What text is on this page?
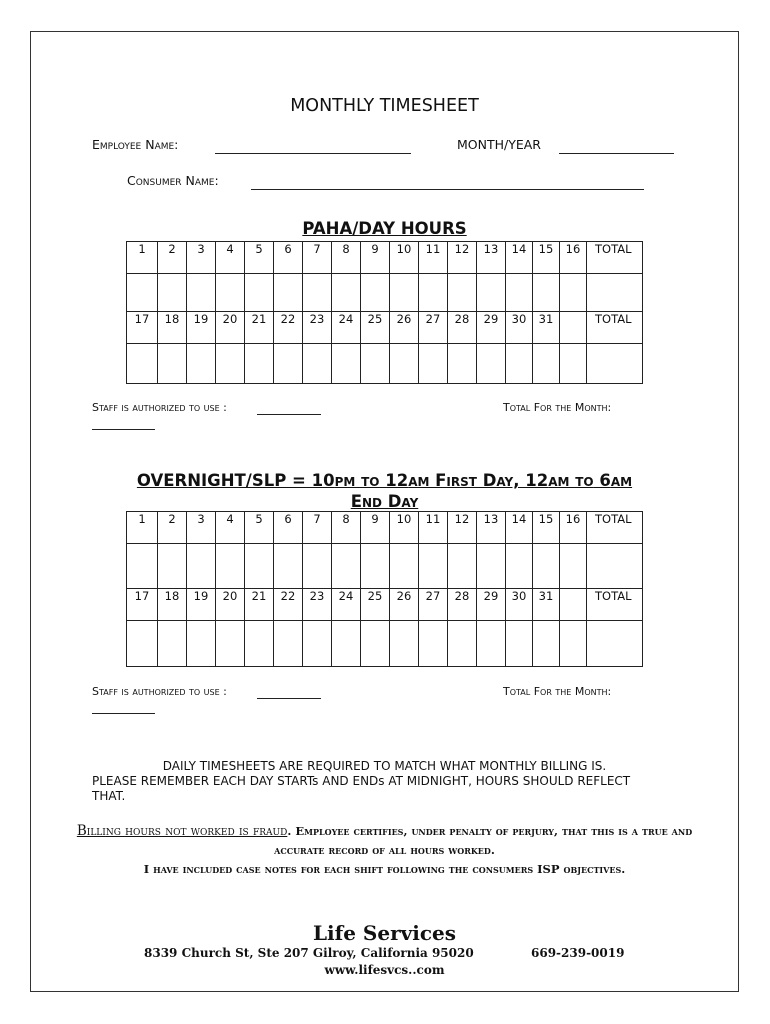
MONTHLY TIMESHEET
Employee Name:	MONTH/YEAR
Consumer Name:
PAHA/DAY HOURS
1	2	3	4	5	6	7	8	9	10	11	12	13	14	15	16	TOTAL

17	18	19	20	21	22	23	24	25	26	27	28	29	30	31		TOTAL

Staff is authorized to use :	Total For the Month:
OVERNIGHT/SLP = 10pm to 12am First Day, 12am to 6am
End Day
1	2	3	4	5	6	7	8	9	10	11	12	13	14	15	16	TOTAL

17	18	19	20	21	22	23	24	25	26	27	28	29	30	31		TOTAL

Staff is authorized to use :	Total For the Month:
DAILY TIMESHEETS ARE REQUIRED TO MATCH WHAT MONTHLY BILLING IS.
PLEASE REMEMBER EACH DAY STARTs AND ENDs AT MIDNIGHT, HOURS SHOULD REFLECT
THAT.
Billing hours not worked is fraud. Employee certifies, under penalty of perjury, that this is a true and accurate record of all hours worked.
I have included case notes for each shift following the consumers ISP objectives.
Life Services
8339 Church St, Ste 207 Gilroy, California 95020	669-239-0019
www.lifesvcs..com
